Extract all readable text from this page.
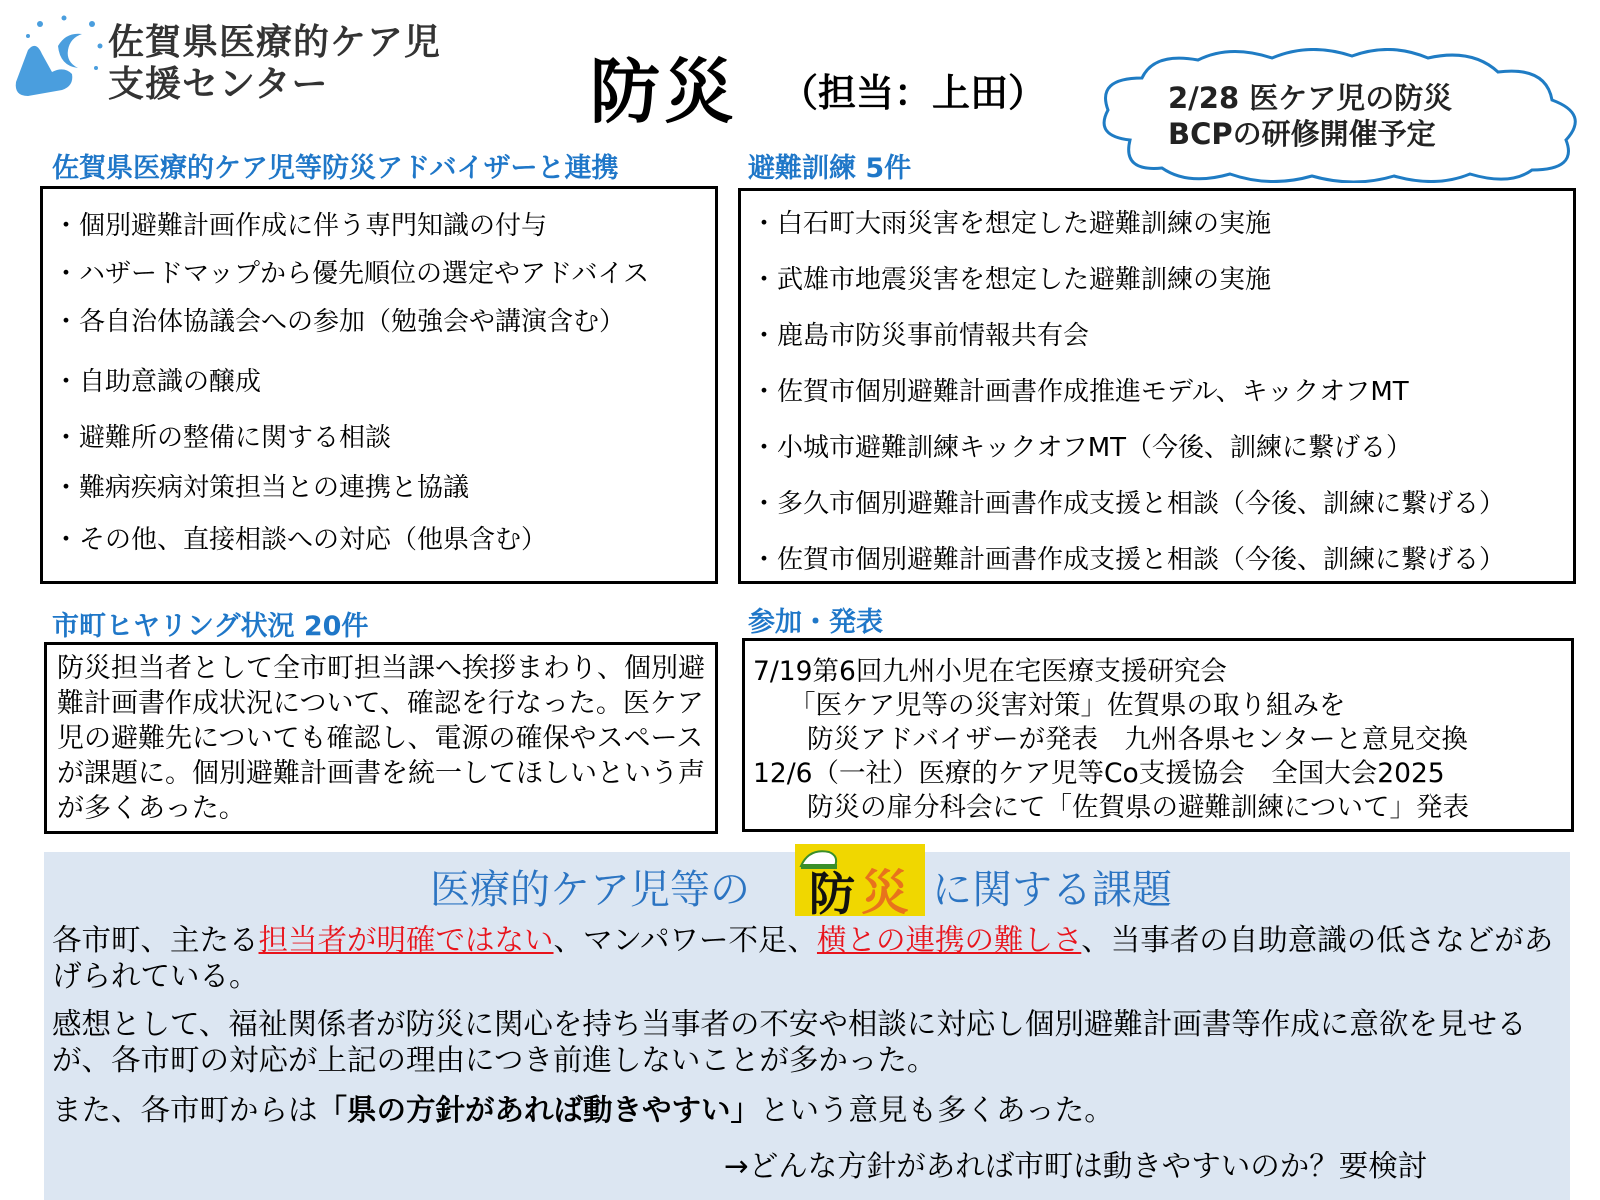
佐賀県医療的ケア児
支援センター	防災 （担当：上田）	2/28 医ケア児の防災
BCPの研修開催予定
佐賀県医療的ケア児等防災アドバイザーと連携
・個別避難計画作成に伴う専門知識の付与
・ハザードマップから優先順位の選定やアドバイス
・各自治体協議会への参加（勉強会や講演含む）
・自助意識の醸成
・避難所の整備に関する相談
・難病疾病対策担当との連携と協議
・その他、直接相談への対応（他県含む）
避難訓練 5件
・白石町大雨災害を想定した避難訓練の実施
・武雄市地震災害を想定した避難訓練の実施
・鹿島市防災事前情報共有会
・佐賀市個別避難計画書作成推進モデル、キックオフMT
・小城市避難訓練キックオフMT（今後、訓練に繋げる）
・多久市個別避難計画書作成支援と相談（今後、訓練に繋げる）
・佐賀市個別避難計画書作成支援と相談（今後、訓練に繋げる）
市町ヒヤリング状況 20件
防災担当者として全市町担当課へ挨拶まわり、個別避難計画書作成状況について、確認を行なった。医ケア児の避難先についても確認し、電源の確保やスペースが課題に。個別避難計画書を統一してほしいという声が多くあった。
参加・発表
7/19第6回九州小児在宅医療支援研究会
「医ケア児等の災害対策」佐賀県の取り組みを
防災アドバイザーが発表　九州各県センターと意見交換
12/6（一社）医療的ケア児等Co支援協会　全国大会2025
防災の扉分科会にて「佐賀県の避難訓練について」発表
医療的ケア児等の 防 災 に関する課題
各市町、主たる担当者が明確ではない、マンパワー不足、横との連携の難しさ、当事者の自助意識の低さなどがあげられている。
感想として、福祉関係者が防災に関心を持ち当事者の不安や相談に対応し個別避難計画書等作成に意欲を見せるが、各市町の対応が上記の理由につき前進しないことが多かった。
また、各市町からは「県の方針があれば動きやすい」という意見も多くあった。
→どんな方針があれば市町は動きやすいのか？要検討
